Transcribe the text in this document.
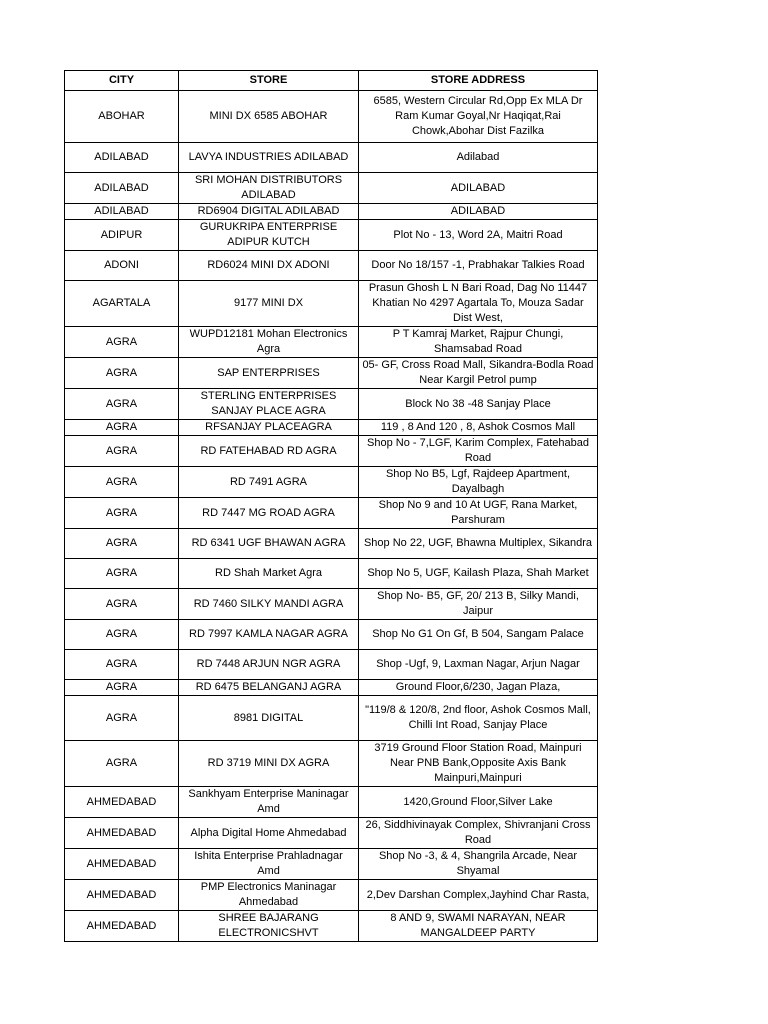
CITY	STORE	STORE ADDRESS
ABOHAR	MINI DX 6585 ABOHAR	6585, Western Circular Rd,Opp Ex MLA Dr Ram Kumar Goyal,Nr Haqiqat,Rai Chowk,Abohar Dist Fazilka
ADILABAD	LAVYA INDUSTRIES ADILABAD	Adilabad
ADILABAD	SRI MOHAN DISTRIBUTORS ADILABAD	ADILABAD
ADILABAD	RD6904 DIGITAL ADILABAD	ADILABAD
ADIPUR	GURUKRIPA ENTERPRISE ADIPUR KUTCH	Plot No - 13, Word 2A, Maitri Road
ADONI	RD6024 MINI DX ADONI	Door No 18/157 -1, Prabhakar Talkies Road
AGARTALA	9177 MINI DX	Prasun Ghosh L N Bari Road, Dag No 11447 Khatian No 4297 Agartala To, Mouza Sadar Dist West,
AGRA	WUPD12181 Mohan Electronics Agra	P T Kamraj Market, Rajpur Chungi, Shamsabad Road
AGRA	SAP ENTERPRISES	05- GF, Cross Road Mall, Sikandra-Bodla Road Near Kargil Petrol pump
AGRA	STERLING ENTERPRISES SANJAY PLACE AGRA	Block No 38 -48 Sanjay Place
AGRA	RFSANJAY PLACEAGRA	119 , 8 And 120 , 8, Ashok Cosmos Mall
AGRA	RD FATEHABAD RD AGRA	Shop No - 7,LGF, Karim Complex, Fatehabad Road
AGRA	RD 7491 AGRA	Shop No B5, Lgf, Rajdeep Apartment, Dayalbagh
AGRA	RD 7447 MG ROAD AGRA	Shop No 9 and 10 At UGF, Rana Market, Parshuram
AGRA	RD 6341 UGF BHAWAN AGRA	Shop No 22, UGF, Bhawna Multiplex, Sikandra
AGRA	RD Shah Market Agra	Shop No 5, UGF, Kailash Plaza, Shah Market
AGRA	RD 7460 SILKY MANDI AGRA	Shop No- B5, GF, 20/ 213 B, Silky Mandi, Jaipur
AGRA	RD 7997 KAMLA NAGAR AGRA	Shop No G1 On Gf, B 504, Sangam Palace
AGRA	RD 7448 ARJUN NGR AGRA	Shop -Ugf, 9, Laxman Nagar, Arjun Nagar
AGRA	RD 6475 BELANGANJ AGRA	Ground Floor,6/230, Jagan Plaza,
AGRA	8981 DIGITAL	"119/8 & 120/8, 2nd floor, Ashok Cosmos Mall, Chilli Int Road, Sanjay Place
AGRA	RD 3719 MINI DX AGRA	3719 Ground Floor Station Road, Mainpuri Near PNB Bank,Opposite Axis Bank Mainpuri,Mainpuri
AHMEDABAD	Sankhyam Enterprise Maninagar Amd	1420,Ground Floor,Silver Lake
AHMEDABAD	Alpha Digital Home Ahmedabad	26, Siddhivinayak Complex, Shivranjani Cross Road
AHMEDABAD	Ishita Enterprise Prahladnagar Amd	Shop No -3, & 4, Shangrila Arcade, Near Shyamal
AHMEDABAD	PMP Electronics Maninagar Ahmedabad	2,Dev Darshan Complex,Jayhind Char Rasta,
AHMEDABAD	SHREE BAJARANG ELECTRONICSHVT	8 AND 9, SWAMI NARAYAN, NEAR MANGALDEEP PARTY
